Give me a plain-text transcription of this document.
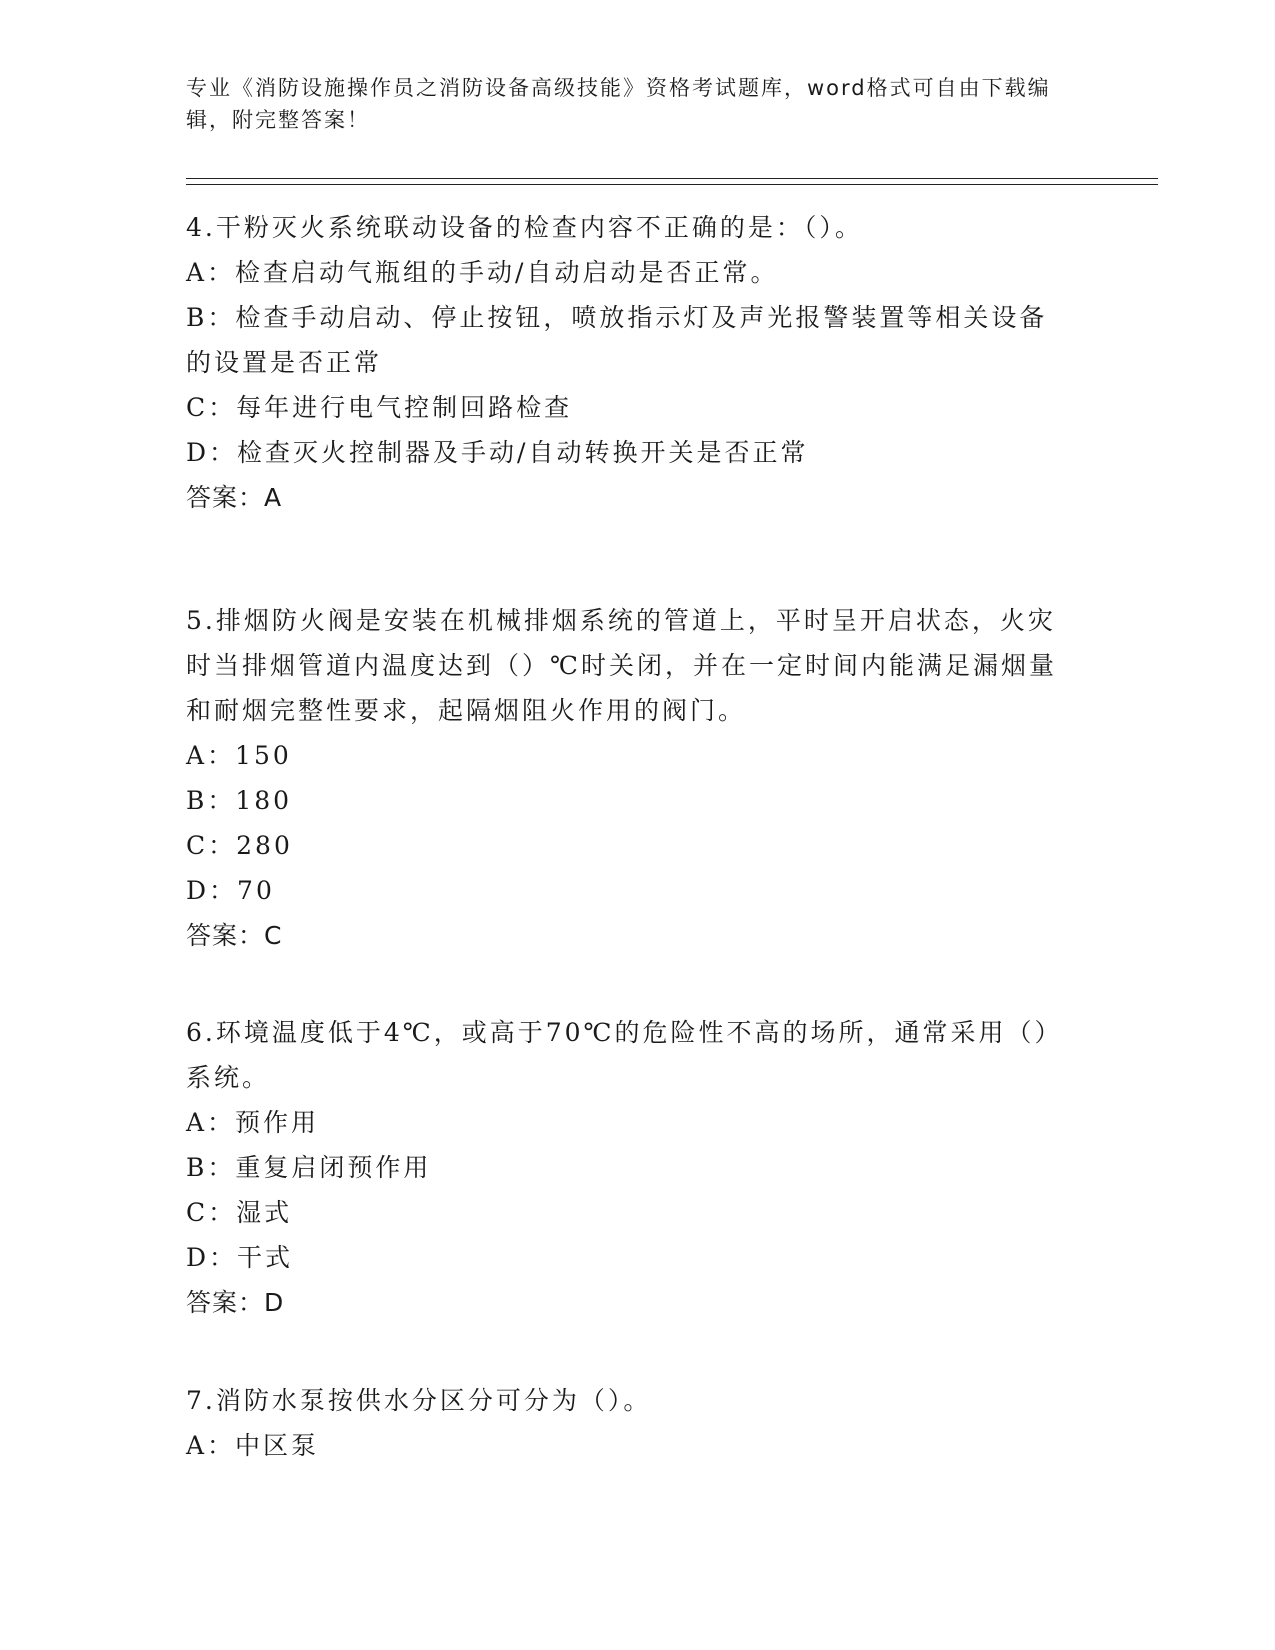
专业《消防设施操作员之消防设备高级技能》资格考试题库，word格式可自由下载编辑，附完整答案！
4.干粉灭火系统联动设备的检查内容不正确的是：（）。
A：检查启动气瓶组的手动/自动启动是否正常。
B：检查手动启动、停止按钮，喷放指示灯及声光报警装置等相关设备的设置是否正常
C：每年进行电气控制回路检查
D：检查灭火控制器及手动/自动转换开关是否正常
答案：A
5.排烟防火阀是安装在机械排烟系统的管道上，平时呈开启状态，火灾时当排烟管道内温度达到（）℃时关闭，并在一定时间内能满足漏烟量和耐烟完整性要求，起隔烟阻火作用的阀门。
A：150
B：180
C：280
D：70
答案：C
6.环境温度低于4℃，或高于70℃的危险性不高的场所，通常采用（）系统。
A：预作用
B：重复启闭预作用
C：湿式
D：干式
答案：D
7.消防水泵按供水分区分可分为（）。
A：中区泵
